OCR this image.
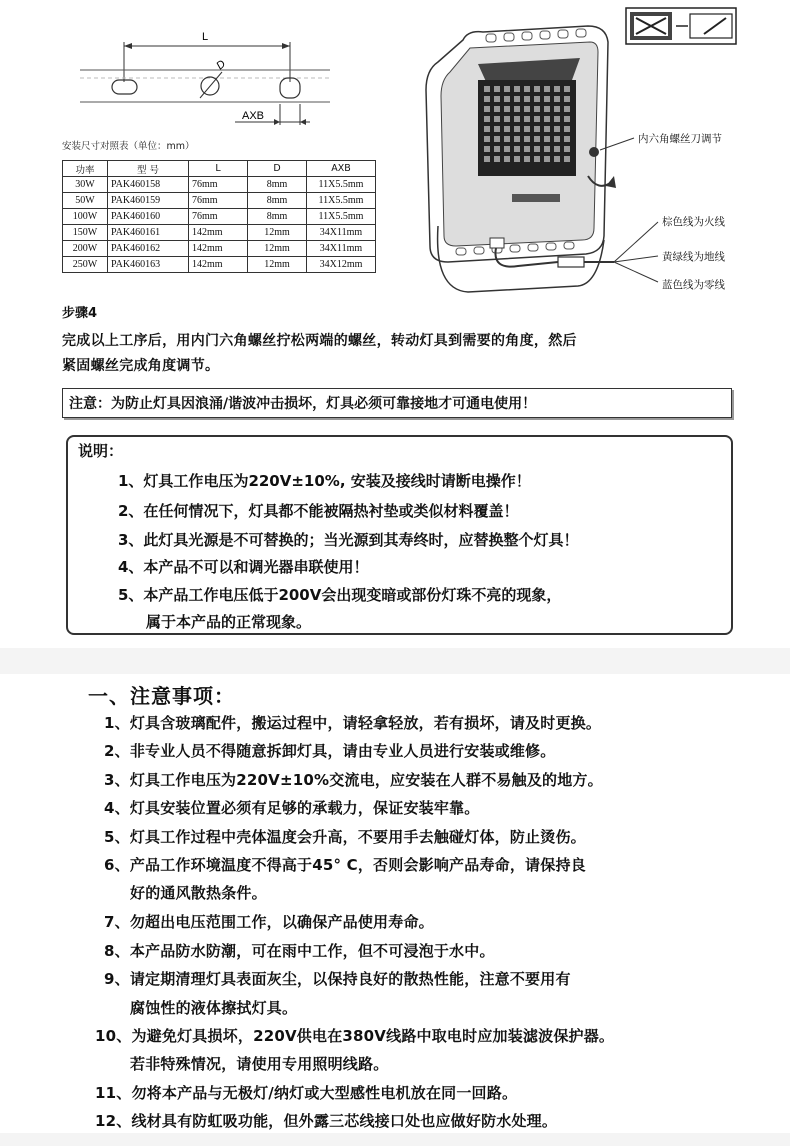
L
D
AXB
安装尺寸对照表（单位：mm）
功率	型 号	L	D	AXB
30W	PAK460158	76mm	8mm	11X5.5mm
50W	PAK460159	76mm	8mm	11X5.5mm
100W	PAK460160	76mm	8mm	11X5.5mm
150W	PAK460161	142mm	12mm	34X11mm
200W	PAK460162	142mm	12mm	34X11mm
250W	PAK460163	142mm	12mm	34X12mm
内六角螺丝刀调节
棕色线为火线
黄绿线为地线
蓝色线为零线
步骤4
完成以上工序后，用内门六角螺丝拧松两端的螺丝，转动灯具到需要的角度，然后
紧固螺丝完成角度调节。
注意：为防止灯具因浪涌/谐波冲击损坏，灯具必须可靠接地才可通电使用！
说明：
1、灯具工作电压为220V±10%, 安装及接线时请断电操作！
2、在任何情况下，灯具都不能被隔热衬垫或类似材料覆盖！
3、此灯具光源是不可替换的；当光源到其寿终时，应替换整个灯具！
4、本产品不可以和调光器串联使用！
5、本产品工作电压低于200V会出现变暗或部份灯珠不亮的现象，
属于本产品的正常现象。
一、注意事项：
1、灯具含玻璃配件，搬运过程中，请轻拿轻放，若有损坏，请及时更换。
2、非专业人员不得随意拆卸灯具，请由专业人员进行安装或维修。
3、灯具工作电压为220V±10%交流电，应安装在人群不易触及的地方。
4、灯具安装位置必须有足够的承载力，保证安装牢靠。
5、灯具工作过程中壳体温度会升高，不要用手去触碰灯体，防止烫伤。
6、产品工作环境温度不得高于45° C，否则会影响产品寿命，请保持良
好的通风散热条件。
7、勿超出电压范围工作，以确保产品使用寿命。
8、本产品防水防潮，可在雨中工作，但不可浸泡于水中。
9、请定期清理灯具表面灰尘，以保持良好的散热性能，注意不要用有
腐蚀性的液体擦拭灯具。
10、为避免灯具损坏，220V供电在380V线路中取电时应加装滤波保护器。
若非特殊情况，请使用专用照明线路。
11、勿将本产品与无极灯/纳灯或大型感性电机放在同一回路。
12、线材具有防虹吸功能，但外露三芯线接口处也应做好防水处理。
